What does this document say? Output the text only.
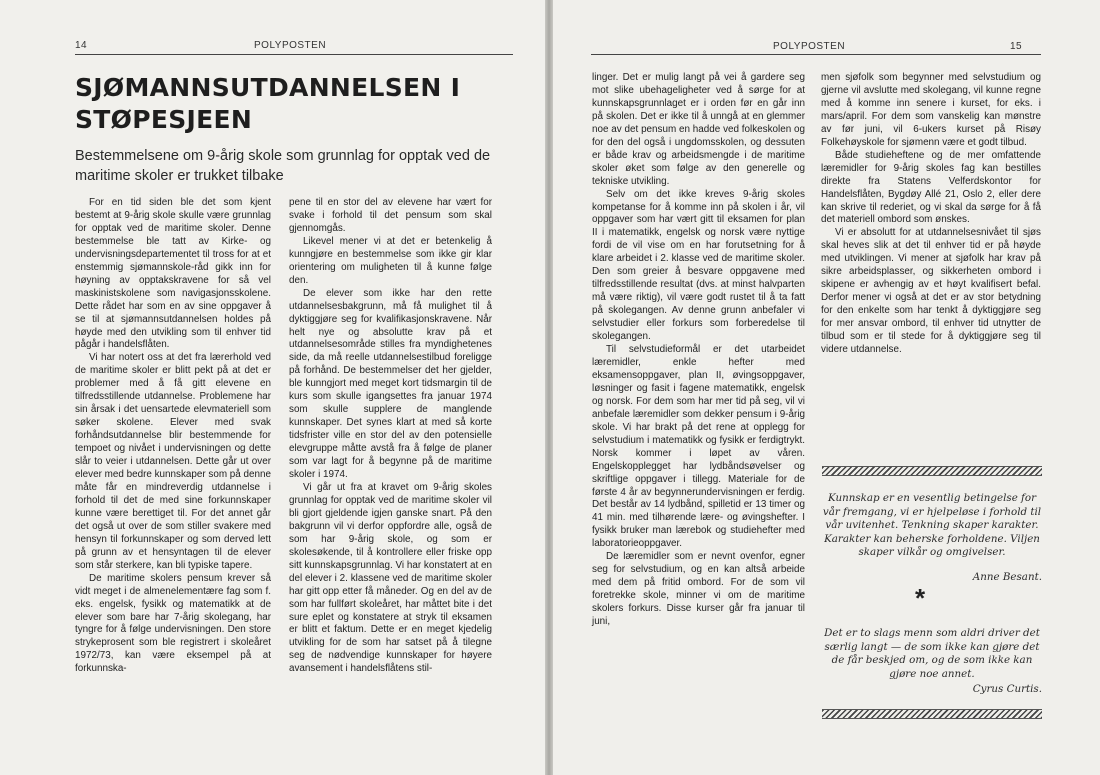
14	POLYPOSTEN
SJØMANNSUTDANNELSEN I STØPESJEEN

Bestemmelsene om 9-årig skole som grunnlag for opptak ved de maritime skoler er trukket tilbake

For en tid siden ble det som kjent bestemt at 9-årig skole skulle være grunnlag for opptak ved de maritime skoler. Denne bestemmelse ble tatt av Kirke- og undervisningsdepartementet til tross for at et enstemmig sjømannskole-råd gikk inn for høyning av opptakskravene for så vel maskinistskolene som navigasjonsskolene. Dette rådet har som en av sine oppgaver å se til at sjømannsutdannelsen holdes på høyde med den utvikling som til enhver tid pågår i handelsflåten.

Vi har notert oss at det fra lærerhold ved de maritime skoler er blitt pekt på at det er problemer med å få gitt elevene en tilfredsstillende utdannelse. Problemene har sin årsak i det uensartede elevmateriell som søker skolene. Elever med svak forhåndsutdannelse blir bestemmende for tempoet og nivået i undervisningen og dette slår to veier i utdannelsen. Dette går ut over elever med bedre kunnskaper som på denne måte får en mindreverdig utdannelse i forhold til det de med sine forkunnskaper kunne være berettiget til. For det annet går det også ut over de som stiller svakere med hensyn til forkunnskaper og som derved lett på grunn av et hensyntagen til de elever som står sterkere, kan bli typiske tapere.

De maritime skolers pensum krever så vidt meget i de almenelementære fag som f. eks. engelsk, fysikk og matematikk at de elever som bare har 7-årig skolegang, har tyngre for å følge undervisningen. Den store strykeprosent som ble registrert i skoleåret 1972/73, kan være eksempel på at forkunnska-

pene til en stor del av elevene har vært for svake i forhold til det pensum som skal gjennomgås.

Likevel mener vi at det er betenkelig å kunngjøre en bestemmelse som ikke gir klar orientering om muligheten til å kunne følge den.

De elever som ikke har den rette utdannelsesbakgrunn, må få mulighet til å dyktiggjøre seg for kvalifikasjonskravene. Når helt nye og absolutte krav på et utdannelsesområde stilles fra myndighetenes side, da må reelle utdannelsestilbud foreligge på forhånd. De bestemmelser det her gjelder, ble kunngjort med meget kort tidsmargin til de kurs som skulle igangsettes fra januar 1974 som skulle supplere de manglende kunnskaper. Det synes klart at med så korte tidsfrister ville en stor del av den potensielle elevgruppe måtte avstå fra å følge de planer som var lagt for å begynne på de maritime skoler i 1974.

Vi går ut fra at kravet om 9-årig skoles grunnlag for opptak ved de maritime skoler vil bli gjort gjeldende igjen ganske snart. På den bakgrunn vil vi derfor oppfordre alle, også de som har 9-årig skole, og som er skolesøkende, til å kontrollere eller friske opp sitt kunnskapsgrunnlag. Vi har konstatert at en del elever i 2. klassene ved de maritime skoler har gitt opp etter få måneder. Og en del av de som har fullført skoleåret, har måttet bite i det sure eplet og konstatere at stryk til eksamen er blitt et faktum. Dette er en meget kjedelig utvikling for de som har satset på å tilegne seg de nødvendige kunnskaper for høyere avansement i handelsflåtens stil-

POLYPOSTEN	15

linger. Det er mulig langt på vei å gardere seg mot slike ubehageligheter ved å sørge for at kunnskapsgrunnlaget er i orden før en går inn på skolen. Det er ikke til å unngå at en glemmer noe av det pensum en hadde ved folkeskolen og for den del også i ungdomsskolen, og dessuten er både krav og arbeidsmengde i de maritime skoler øket som følge av den generelle og tekniske utvikling.

Selv om det ikke kreves 9-årig skoles kompetanse for å komme inn på skolen i år, vil oppgaver som har vært gitt til eksamen for plan II i matematikk, engelsk og norsk være nyttige fordi de vil vise om en har forutsetning for å klare arbeidet i 2. klasse ved de maritime skoler. Den som greier å besvare oppgavene med tilfredsstillende resultat (dvs. at minst halvparten må være riktig), vil være godt rustet til å ta fatt på skolegangen. Av denne grunn anbefaler vi selvstudier eller forkurs som forberedelse til skolegangen.

Til selvstudieformål er det utarbeidet læremidler, enkle hefter med eksamensoppgaver, plan II, øvingsoppgaver, løsninger og fasit i fagene matematikk, engelsk og norsk. For dem som har mer tid på seg, vil vi anbefale læremidler som dekker pensum i 9-årig skole. Vi har brakt på det rene at opplegg for selvstudium i matematikk og fysikk er ferdigtrykt. Norsk kommer i løpet av våren. Engelskopplegget har lydbåndsøvelser og skriftlige oppgaver i tillegg. Materiale for de første 4 år av begynnerundervisningen er ferdig. Det består av 14 lydbånd, spilletid er 13 timer og 41 min. med tilhørende lære- og øvingshefter. I fysikk bruker man lærebok og studiehefter med laboratorieoppgaver.

De læremidler som er nevnt ovenfor, egner seg for selvstudium, og en kan altså arbeide med dem på fritid ombord. For de som vil foretrekke skole, minner vi om de maritime skolers forkurs. Disse kurser går fra januar til juni,

men sjøfolk som begynner med selvstudium og gjerne vil avslutte med skolegang, vil kunne regne med å komme inn senere i kurset, for eks. i mars/april. For dem som vanskelig kan mønstre av før juni, vil 6-ukers kurset på Risøy Folkehøyskole for sjømenn være et godt tilbud.

Både studieheftene og de mer omfattende læremidler for 9-årig skoles fag kan bestilles direkte fra Statens Velferdskontor for Handelsflåten, Bygdøy Allé 21, Oslo 2, eller dere kan skrive til rederiet, og vi skal da sørge for å få det materiell ombord som ønskes.

Vi er absolutt for at utdannelsesnivået til sjøs skal heves slik at det til enhver tid er på høyde med utviklingen. Vi mener at sjøfolk har krav på sikre arbeidsplasser, og sikkerheten ombord i skipene er avhengig av et høyt kvalifisert befal. Derfor mener vi også at det er av stor betydning for den enkelte som har tenkt å dyktiggjøre seg for mer ansvar ombord, til enhver tid utnytter de tilbud som er til stede for å dyktiggjøre seg til videre utdannelse.

Kunnskap er en vesentlig betingelse for vår fremgang, vi er hjelpeløse i forhold til vår uvitenhet. Tenkning skaper karakter. Karakter kan beherske forholdene. Viljen skaper vilkår og omgivelser.
Anne Besant.
*
Det er to slags menn som aldri driver det særlig langt — de som ikke kan gjøre det de får beskjed om, og de som ikke kan gjøre noe annet.
Cyrus Curtis.
